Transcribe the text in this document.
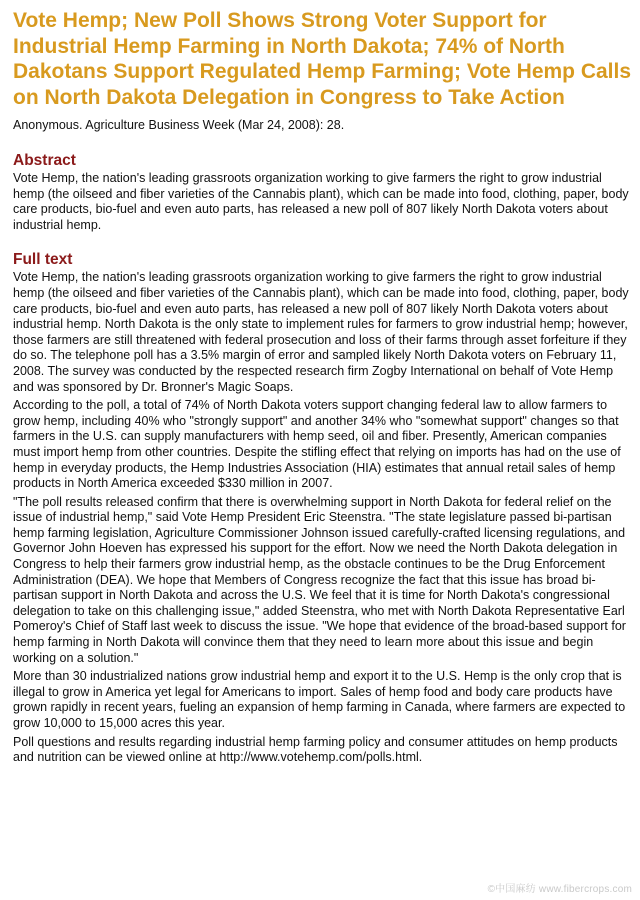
Vote Hemp; New Poll Shows Strong Voter Support for Industrial Hemp Farming in North Dakota; 74% of North Dakotans Support Regulated Hemp Farming; Vote Hemp Calls on North Dakota Delegation in Congress to Take Action

Anonymous. Agriculture Business Week (Mar 24, 2008): 28.

Abstract

Vote Hemp, the nation's leading grassroots organization working to give farmers the right to grow industrial hemp (the oilseed and fiber varieties of the Cannabis plant), which can be made into food, clothing, paper, body care products, bio-fuel and even auto parts, has released a new poll of 807 likely North Dakota voters about industrial hemp.

Full text

Vote Hemp, the nation's leading grassroots organization working to give farmers the right to grow industrial hemp (the oilseed and fiber varieties of the Cannabis plant), which can be made into food, clothing, paper, body care products, bio-fuel and even auto parts, has released a new poll of 807 likely North Dakota voters about industrial hemp. North Dakota is the only state to implement rules for farmers to grow industrial hemp; however, those farmers are still threatened with federal prosecution and loss of their farms through asset forfeiture if they do so. The telephone poll has a 3.5% margin of error and sampled likely North Dakota voters on February 11, 2008. The survey was conducted by the respected research firm Zogby International on behalf of Vote Hemp and was sponsored by Dr. Bronner's Magic Soaps.

According to the poll, a total of 74% of North Dakota voters support changing federal law to allow farmers to grow hemp, including 40% who "strongly support" and another 34% who "somewhat support" changes so that farmers in the U.S. can supply manufacturers with hemp seed, oil and fiber. Presently, American companies must import hemp from other countries. Despite the stifling effect that relying on imports has had on the use of hemp in everyday products, the Hemp Industries Association (HIA) estimates that annual retail sales of hemp products in North America exceeded $330 million in 2007.

"The poll results released confirm that there is overwhelming support in North Dakota for federal relief on the issue of industrial hemp," said Vote Hemp President Eric Steenstra. "The state legislature passed bi-partisan hemp farming legislation, Agriculture Commissioner Johnson issued carefully-crafted licensing regulations, and Governor John Hoeven has expressed his support for the effort. Now we need the North Dakota delegation in Congress to help their farmers grow industrial hemp, as the obstacle continues to be the Drug Enforcement Administration (DEA). We hope that Members of Congress recognize the fact that this issue has broad bi-partisan support in North Dakota and across the U.S. We feel that it is time for North Dakota's congressional delegation to take on this challenging issue," added Steenstra, who met with North Dakota Representative Earl Pomeroy's Chief of Staff last week to discuss the issue. "We hope that evidence of the broad-based support for hemp farming in North Dakota will convince them that they need to learn more about this issue and begin working on a solution."

More than 30 industrialized nations grow industrial hemp and export it to the U.S. Hemp is the only crop that is illegal to grow in America yet legal for Americans to import. Sales of hemp food and body care products have grown rapidly in recent years, fueling an expansion of hemp farming in Canada, where farmers are expected to grow 10,000 to 15,000 acres this year.

Poll questions and results regarding industrial hemp farming policy and consumer attitudes on hemp products and nutrition can be viewed online at http://www.votehemp.com/polls.html.

©中国麻纺 www.fibercrops.com
